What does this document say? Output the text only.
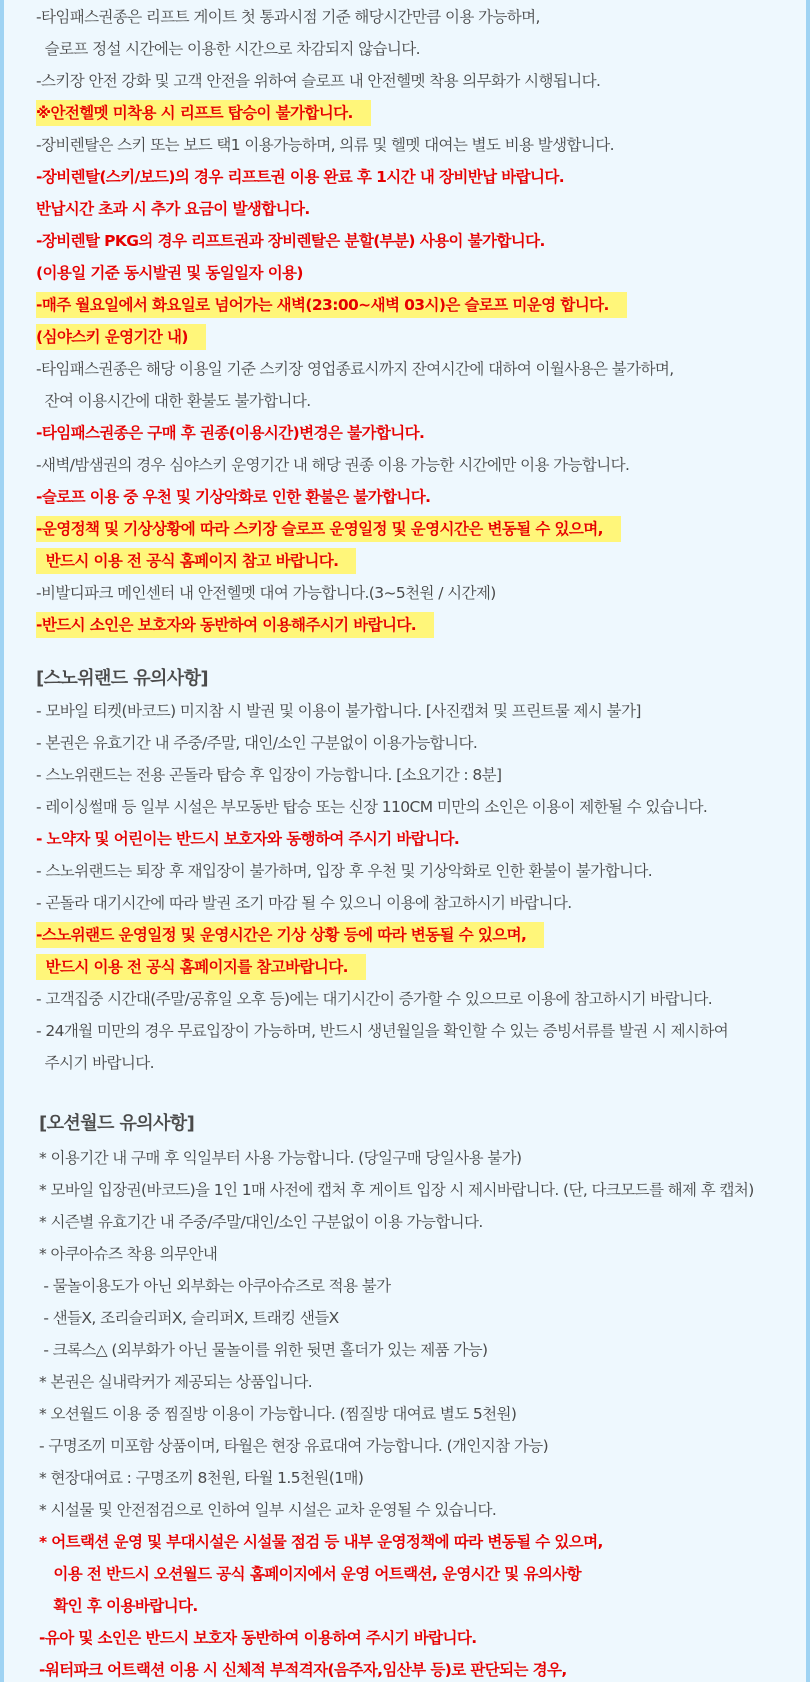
-타임패스권종은 리프트 게이트 첫 통과시점 기준 해당시간만큼 이용 가능하며,
슬로프 정설 시간에는 이용한 시간으로 차감되지 않습니다.
-스키장 안전 강화 및 고객 안전을 위하여 슬로프 내 안전헬멧 착용 의무화가 시행됩니다.
※안전헬멧 미착용 시 리프트 탑승이 불가합니다.
-장비렌탈은 스키 또는 보드 택1 이용가능하며, 의류 및 헬멧 대여는 별도 비용 발생합니다.
-장비렌탈(스키/보드)의 경우 리프트권 이용 완료 후 1시간 내 장비반납 바랍니다.
반납시간 초과 시 추가 요금이 발생합니다.
-장비렌탈 PKG의 경우 리프트권과 장비렌탈은 분할(부분) 사용이 불가합니다.
(이용일 기준 동시발권 및 동일일자 이용)
-매주 월요일에서 화요일로 넘어가는 새벽(23:00~새벽 03시)은 슬로프 미운영 합니다.
(심야스키 운영기간 내)
-타임패스권종은 해당 이용일 기준 스키장 영업종료시까지 잔여시간에 대하여 이월사용은 불가하며,
잔여 이용시간에 대한 환불도 불가합니다.
-타임패스권종은 구매 후 권종(이용시간)변경은 불가합니다.
-새벽/밤샘권의 경우 심야스키 운영기간 내 해당 권종 이용 가능한 시간에만 이용 가능합니다.
-슬로프 이용 중 우천 및 기상악화로 인한 환불은 불가합니다.
-운영정책 및 기상상황에 따라 스키장 슬로프 운영일정 및 운영시간은 변동될 수 있으며,
반드시 이용 전 공식 홈페이지 참고 바랍니다.
-비발디파크 메인센터 내 안전헬멧 대여 가능합니다.(3~5천원 / 시간제)
-반드시 소인은 보호자와 동반하여 이용해주시기 바랍니다.
[스노위랜드 유의사항]
- 모바일 티켓(바코드) 미지참 시 발권 및 이용이 불가합니다. [사진캡쳐 및 프린트물 제시 불가]
- 본권은 유효기간 내 주중/주말, 대인/소인 구분없이 이용가능합니다.
- 스노위랜드는 전용 곤돌라 탑승 후 입장이 가능합니다. [소요기간 : 8분]
- 레이싱썰매 등 일부 시설은 부모동반 탑승 또는 신장 110CM 미만의 소인은 이용이 제한될 수 있습니다.
- 노약자 및 어린이는 반드시 보호자와 동행하여 주시기 바랍니다.
- 스노위랜드는 퇴장 후 재입장이 불가하며, 입장 후 우천 및 기상악화로 인한 환불이 불가합니다.
- 곤돌라 대기시간에 따라 발권 조기 마감 될 수 있으니 이용에 참고하시기 바랍니다.
-스노위랜드 운영일정 및 운영시간은 기상 상황 등에 따라 변동될 수 있으며,
반드시 이용 전 공식 홈페이지를 참고바랍니다.
- 고객집중 시간대(주말/공휴일 오후 등)에는 대기시간이 증가할 수 있으므로 이용에 참고하시기 바랍니다.
- 24개월 미만의 경우 무료입장이 가능하며, 반드시 생년월일을 확인할 수 있는 증빙서류를 발권 시 제시하여
주시기 바랍니다.
[오션월드 유의사항]
* 이용기간 내 구매 후 익일부터 사용 가능합니다. (당일구매 당일사용 불가)
* 모바일 입장권(바코드)을 1인 1매 사전에 캡처 후 게이트 입장 시 제시바랍니다. (단, 다크모드를 해제 후 캡처)
* 시즌별 유효기간 내 주중/주말/대인/소인 구분없이 이용 가능합니다.
* 아쿠아슈즈 착용 의무안내
- 물놀이용도가 아닌 외부화는 아쿠아슈즈로 적용 불가
- 샌들X, 조리슬리퍼X, 슬리퍼X, 트래킹 샌들X
- 크록스△ (외부화가 아닌 물놀이를 위한 뒷면 홀더가 있는 제품 가능)
* 본권은 실내락커가 제공되는 상품입니다.
* 오션월드 이용 중 찜질방 이용이 가능합니다. (찜질방 대여료 별도 5천원)
- 구명조끼 미포함 상품이며, 타월은 현장 유료대여 가능합니다. (개인지참 가능)
* 현장대여료 : 구명조끼 8천원, 타월 1.5천원(1매)
* 시설물 및 안전점검으로 인하여 일부 시설은 교차 운영될 수 있습니다.
* 어트랙션 운영 및 부대시설은 시설물 점검 등 내부 운영정책에 따라 변동될 수 있으며,
이용 전 반드시 오션월드 공식 홈페이지에서 운영 어트랙션, 운영시간 및 유의사항
확인 후 이용바랍니다.
-유아 및 소인은 반드시 보호자 동반하여 이용하여 주시기 바랍니다.
-워터파크 어트랙션 이용 시 신체적 부적격자(음주자,임산부 등)로 판단되는 경우,
